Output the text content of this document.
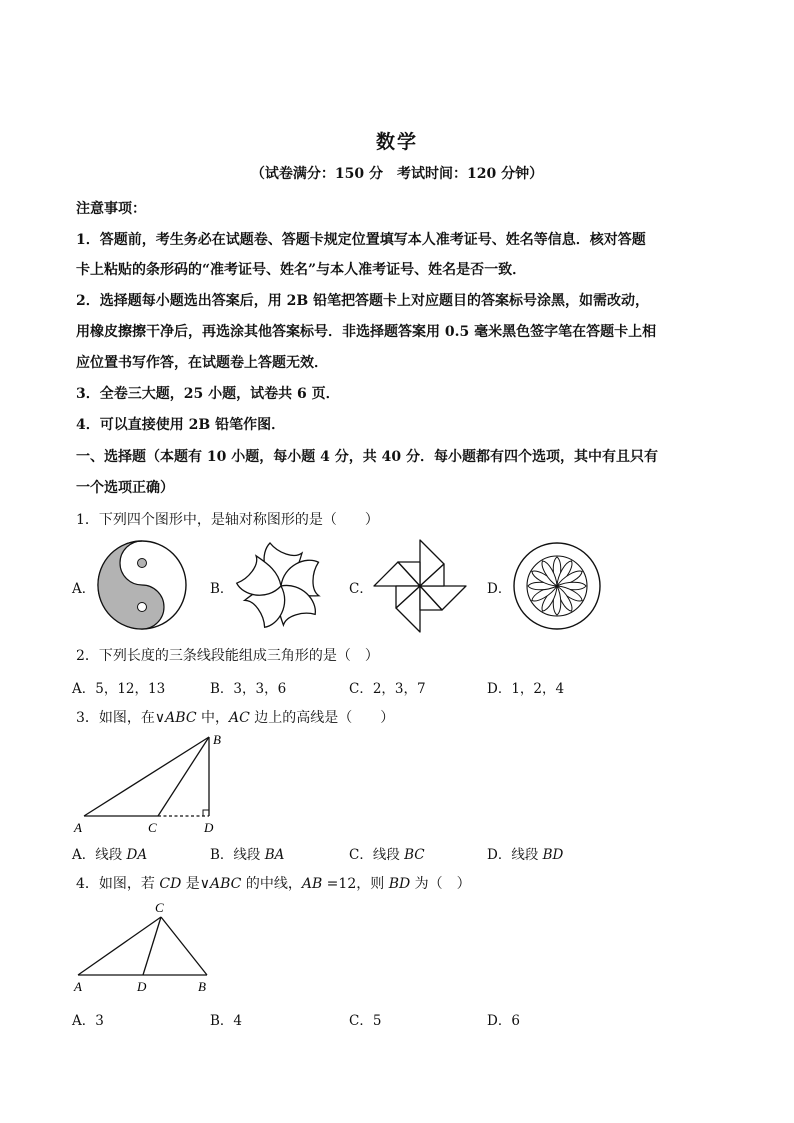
数学
（试卷满分：150 分　考试时间：120 分钟）
注意事项：
1．答题前，考生务必在试题卷、答题卡规定位置填写本人准考证号、姓名等信息．核对答题
卡上粘贴的条形码的“准考证号、姓名”与本人准考证号、姓名是否一致．
2．选择题每小题选出答案后，用 2B 铅笔把答题卡上对应题目的答案标号涂黑，如需改动，
用橡皮擦擦干净后，再选涂其他答案标号．非选择题答案用 0.5 毫米黑色签字笔在答题卡上相
应位置书写作答，在试题卷上答题无效．
3．全卷三大题，25 小题，试卷共 6 页．
4．可以直接使用 2B 铅笔作图．
一、选择题（本题有 10 小题，每小题 4 分，共 40 分．每小题都有四个选项，其中有且只有
一个选项正确）
1．下列四个图形中，是轴对称图形的是（　　）
A．	B．	C．	D．
2．下列长度的三条线段能组成三角形的是（　）
A．5，12，13	B．3，3，6	C．2，3，7	D．1，2，4
3．如图，在∨ABC 中，AC 边上的高线是（　　）
A
B
C	D
A．线段 DA	B．线段 BA	C．线段 BC	D．线段 BD
4．如图，若 CD 是∨ABC 的中线，AB =12，则 BD 为（　）
A	B
C
D
A．3	B．4	C．5	D．6
